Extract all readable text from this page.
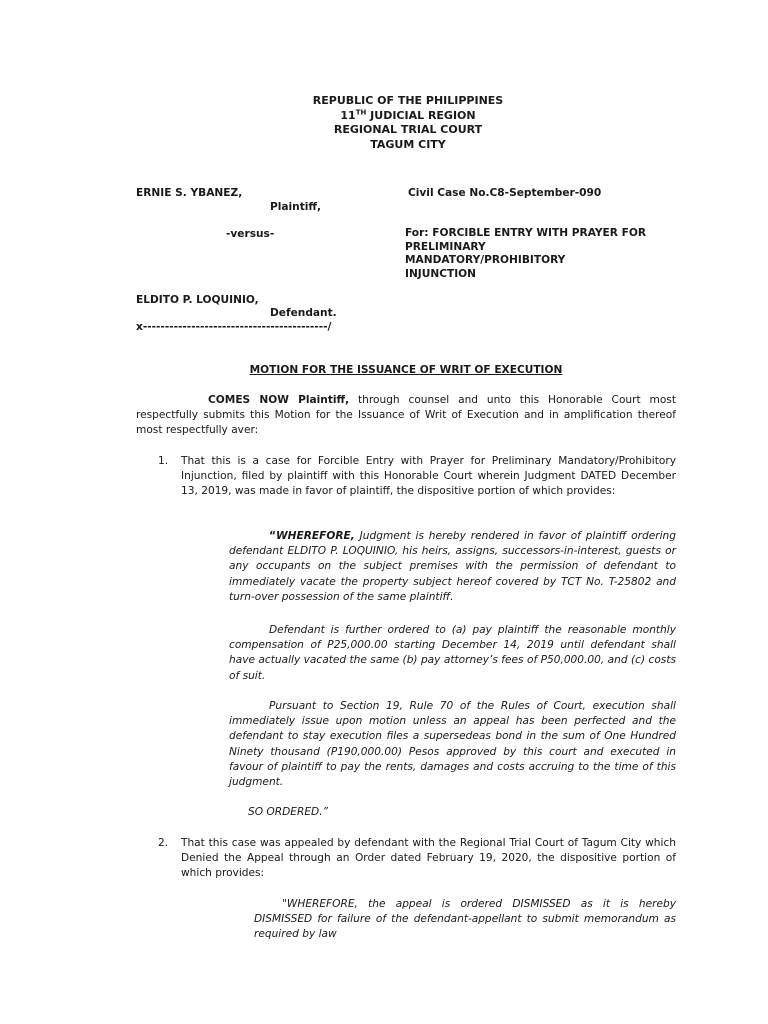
REPUBLIC OF THE PHILIPPINES
11TH JUDICIAL REGION
REGIONAL TRIAL COURT
TAGUM CITY
ERNIE S. YBANEZ,
Plaintiff,
Civil Case No.C8-September-090
-versus-	For: FORCIBLE ENTRY WITH PRAYER FOR
PRELIMINARY
MANDATORY/PROHIBITORY
INJUNCTION
ELDITO P. LOQUINIO,
Defendant.
x------------------------------------------/
MOTION FOR THE ISSUANCE OF WRIT OF EXECUTION
COMES NOW Plaintiff, through counsel and unto this Honorable Court most respectfully submits this Motion for the Issuance of Writ of Execution and in amplification thereof most respectfully aver:
1. That this is a case for Forcible Entry with Prayer for Preliminary Mandatory/Prohibitory Injunction, filed by plaintiff with this Honorable Court wherein Judgment DATED December 13, 2019, was made in favor of plaintiff, the dispositive portion of which provides:
“WHEREFORE, Judgment is hereby rendered in favor of plaintiff ordering defendant ELDITO P. LOQUINIO, his heirs, assigns, successors-in-interest, guests or any occupants on the subject premises with the permission of defendant to immediately vacate the property subject hereof covered by TCT No. T-25802 and turn-over possession of the same plaintiff.
Defendant is further ordered to (a) pay plaintiff the reasonable monthly compensation of P25,000.00 starting December 14, 2019 until defendant shall have actually vacated the same (b) pay attorney’s fees of P50,000.00, and (c) costs of suit.
Pursuant to Section 19, Rule 70 of the Rules of Court, execution shall immediately issue upon motion unless an appeal has been perfected and the defendant to stay execution files a supersedeas bond in the sum of One Hundred Ninety thousand (P190,000.00) Pesos approved by this court and executed in favour of plaintiff to pay the rents, damages and costs accruing to the time of this judgment.
SO ORDERED.”
2. That this case was appealed by defendant with the Regional Trial Court of Tagum City which Denied the Appeal through an Order dated February 19, 2020, the dispositive portion of which provides:
"WHEREFORE, the appeal is ordered DISMISSED as it is hereby DISMISSED for failure of the defendant-appellant to submit memorandum as required by law
